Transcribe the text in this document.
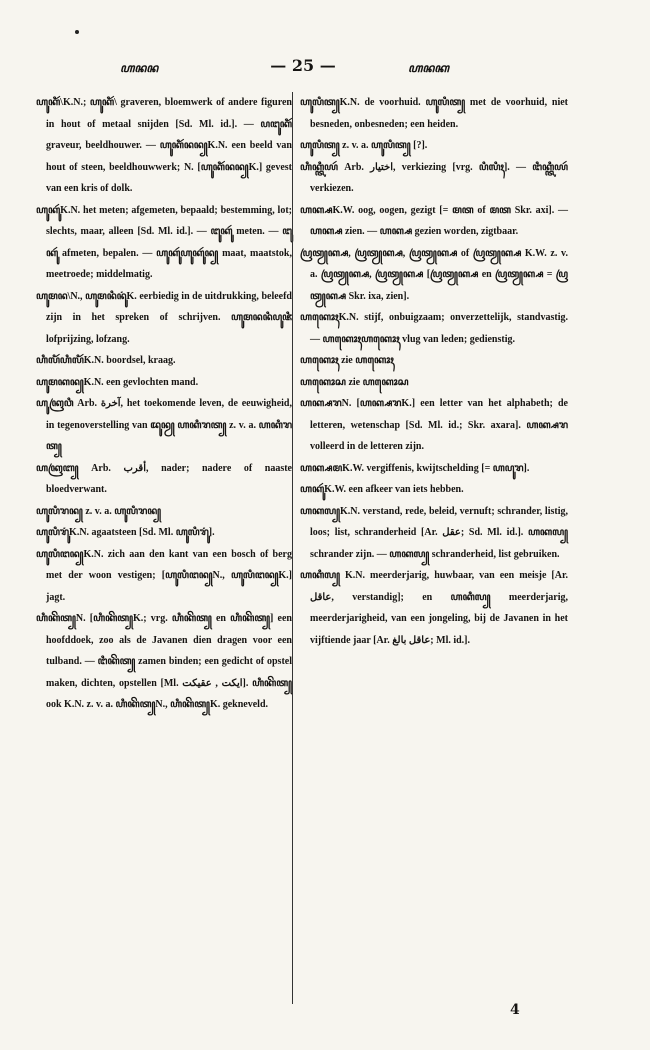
ꦲꦤꦤ	— 25 —	ꦲꦤꦏ

ꦲꦸꦏꦶꦂ\K.N.; ꦲꦸꦏꦶꦂ\ graveren, bloemwerk of andere figuren in hout of metaal snijden [Sd. Ml. id.]. — ꦥꦔꦸꦏꦶꦂ graveur, beeldhouwer. — ꦲꦸꦏꦶꦂꦤꦤ꧀K.N. een beeld van hout of steen, beeldhouwwerk; N. [ꦲꦸꦏꦶꦂꦤꦤ꧀K.] gevest van een kris of dolk.

ꦲꦸꦏꦸꦂK.N. het meten; afgemeten, bepaald; bestemming, lot; slechts, maar, alleen [Sd. Ml. id.]. — ꦔꦸꦏꦸꦂ meten. — ꦔꦸꦏꦸꦂ afmeten, bepalen. — ꦲꦸꦏꦸꦂꦲꦸꦏꦸꦂꦤ꧀ maat, maatstok, meetroede; middelmatig.

ꦲꦸꦩꦤ\N., ꦲꦸꦩꦤꦶꦤꦸꦁK. eerbiedig in de uitdrukking, beleefd zijn in het spreken of schrijven. ꦲꦸꦩꦤꦤꦶꦥꦸꦗꦶ lofprijzing, lofzang.

ꦲꦶꦭꦶꦂꦲꦶꦭꦶꦂK.N. boordsel, kraag.

ꦲꦸꦩꦏꦤ꧀K.N. een gevlochten mand.

ꦲꦸꦏꦿꦮꦶ Arb. آخرة, het toekomende leven, de eeuwigheid, in tegenoverstelling van ꦢꦸꦤꦾ ꦲꦏꦶꦫꦠ꧀ z. v. a. ꦲꦏꦶꦫꦠ꧀

ꦲꦏꦿꦧ꧀ Arb. أقرب, nader; nadere of naaste bloedverwant.

ꦲꦸꦭꦶꦫꦤ꧀ z. v. a. ꦲꦸꦭꦶꦫꦤ꧀

ꦲꦸꦭꦶꦫꦸꦁK.N. agaatsteen [Sd. Ml. ꦲꦸꦭꦶꦫꦸꦁ].

ꦲꦸꦭꦶꦔꦤ꧀K.N. zich aan den kant van een bosch of berg met der woon vestigen; [ꦲꦸꦭꦶꦔꦤ꧀N., ꦲꦸꦭꦶꦔꦤ꧀K.] jagt.

ꦲꦶꦏꦼꦠ꧀N. [ꦲꦶꦏꦼꦠ꧀K.; vrg. ꦲꦶꦏꦼꦠ꧀ en ꦲꦶꦏꦼꦠ꧀] een hoofddoek, zoo als de Javanen dien dragen voor een tulband. — ꦔꦶꦏꦼꦠ꧀ zamen binden; een gedicht of opstel maken, dichten, opstellen [Ml. ايكت , عقيكت]. ꦲꦶꦏꦼꦠ꧀ ook K.N. z. v. a. ꦲꦶꦏꦼꦠ꧀N., ꦲꦶꦏꦼꦠ꧀K. gekneveld.

ꦲꦸꦭꦶꦠ꧀K.N. de voorhuid. ꦲꦸꦭꦶꦠ꧀ met de voorhuid, niet besneden, onbesneden; een heiden.

ꦲꦸꦭꦶꦠ꧀ z. v. a. ꦲꦸꦭꦶꦠ꧀ [?].

ꦲꦶꦏ꧀ꦠꦶꦪꦂ Arb. اختيار, verkiezing [vrg. ꦥꦶꦭꦶꦃ]. — ꦔꦶꦏ꧀ꦠꦶꦪꦂ verkiezen.

ꦲꦏ꧀ꦱK.W. oog, oogen, gezigt [= ꦩꦠ of ꦩꦠ Skr. axi]. — ꦲꦏ꧀ꦱ zien. — ꦲꦏ꧀ꦱ gezien worden, zigtbaar.

ꦥꦿꦠꦾꦏ꧀ꦱ, ꦥꦿꦠꦾꦏ꧀ꦱ, ꦥꦿꦠꦾꦏ꧀ꦱ of ꦥꦿꦠꦾꦏ꧀ꦱ K.W. z. v. a. ꦥꦿꦠꦾꦏ꧀ꦱ, ꦥꦿꦠꦾꦏ꧀ꦱ [ꦥꦿꦠꦾꦏ꧀ꦱ en ꦥꦿꦠꦾꦏ꧀ꦱ = ꦥꦿꦠꦾꦏ꧀ꦱ Skr. ixa, zien].

ꦲꦏꦺꦴꦃK.N. stijf, onbuigzaam; onverzettelijk, standvastig. — ꦲꦏꦺꦴꦃꦲꦏꦺꦴꦃ vlug van leden; gedienstig.

ꦲꦏꦺꦴꦃ zie ꦲꦏꦺꦴꦃ

ꦲꦏꦺꦴꦱ zie ꦲꦏꦺꦴꦱ

ꦲꦏ꧀ꦱꦫN. [ꦲꦏ꧀ꦱꦫK.] een letter van het alphabeth; de letteren, wetenschap [Sd. Ml. id.; Skr. axara]. ꦲꦏ꧀ꦱꦫ volleerd in de letteren zijn.

ꦲꦏ꧀ꦱꦩK.W. vergiffenis, kwijtschelding [= ꦲꦥꦸꦫ].

ꦲꦏꦸꦂK.W. een afkeer van iets hebben.

ꦲꦏꦭ꧀K.N. verstand, rede, beleid, vernuft; schrander, listig, loos; list, schranderheid [Ar. عقل; Sd. Ml. id.]. ꦲꦏꦭ꧀ schrander zijn. — ꦲꦏꦭ꧀ schranderheid, list gebruiken.

ꦲꦏꦶꦭ꧀ K.N. meerderjarig, huwbaar, van een meisje [Ar. عاقل, verstandig]; en ꦲꦏꦶꦭ꧀ meerderjarig, meerderjarigheid, van een jongeling, bij de Javanen in het vijftiende jaar [Ar. عاقل بالغ; Ml. id.].

4
